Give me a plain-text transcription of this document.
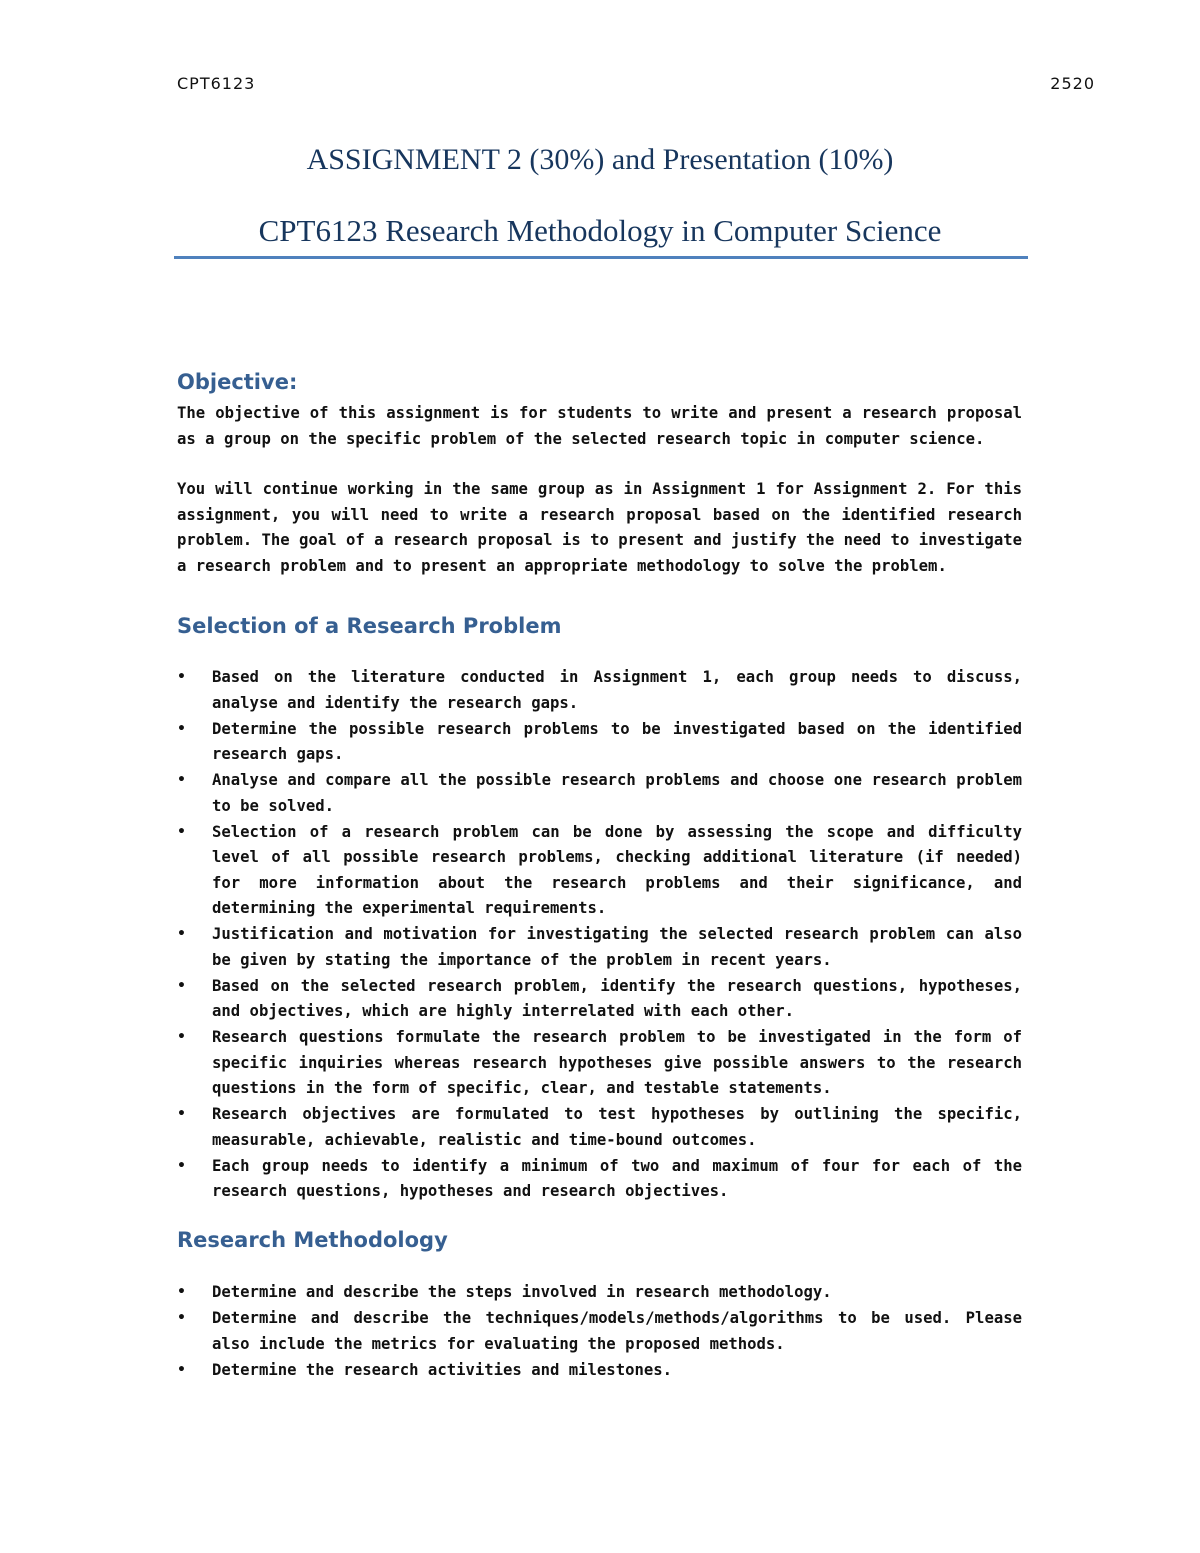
CPT6123	2520
ASSIGNMENT 2 (30%) and Presentation (10%)
CPT6123 Research Methodology in Computer Science
Objective:
The objective of this assignment is for students to write and present a research proposal as a group on the specific problem of the selected research topic in computer science.
You will continue working in the same group as in Assignment 1 for Assignment 2. For this assignment, you will need to write a research proposal based on the identified research problem. The goal of a research proposal is to present and justify the need to investigate a research problem and to present an appropriate methodology to solve the problem.
Selection of a Research Problem
• Based on the literature conducted in Assignment 1, each group needs to discuss, analyse and identify the research gaps.
• Determine the possible research problems to be investigated based on the identified research gaps.
• Analyse and compare all the possible research problems and choose one research problem to be solved.
• Selection of a research problem can be done by assessing the scope and difficulty level of all possible research problems, checking additional literature (if needed) for more information about the research problems and their significance, and determining the experimental requirements.
• Justification and motivation for investigating the selected research problem can also be given by stating the importance of the problem in recent years.
• Based on the selected research problem, identify the research questions, hypotheses, and objectives, which are highly interrelated with each other.
• Research questions formulate the research problem to be investigated in the form of specific inquiries whereas research hypotheses give possible answers to the research questions in the form of specific, clear, and testable statements.
• Research objectives are formulated to test hypotheses by outlining the specific, measurable, achievable, realistic and time-bound outcomes.
• Each group needs to identify a minimum of two and maximum of four for each of the research questions, hypotheses and research objectives.
Research Methodology
• Determine and describe the steps involved in research methodology.
• Determine and describe the techniques/models/methods/algorithms to be used. Please also include the metrics for evaluating the proposed methods.
• Determine the research activities and milestones.
